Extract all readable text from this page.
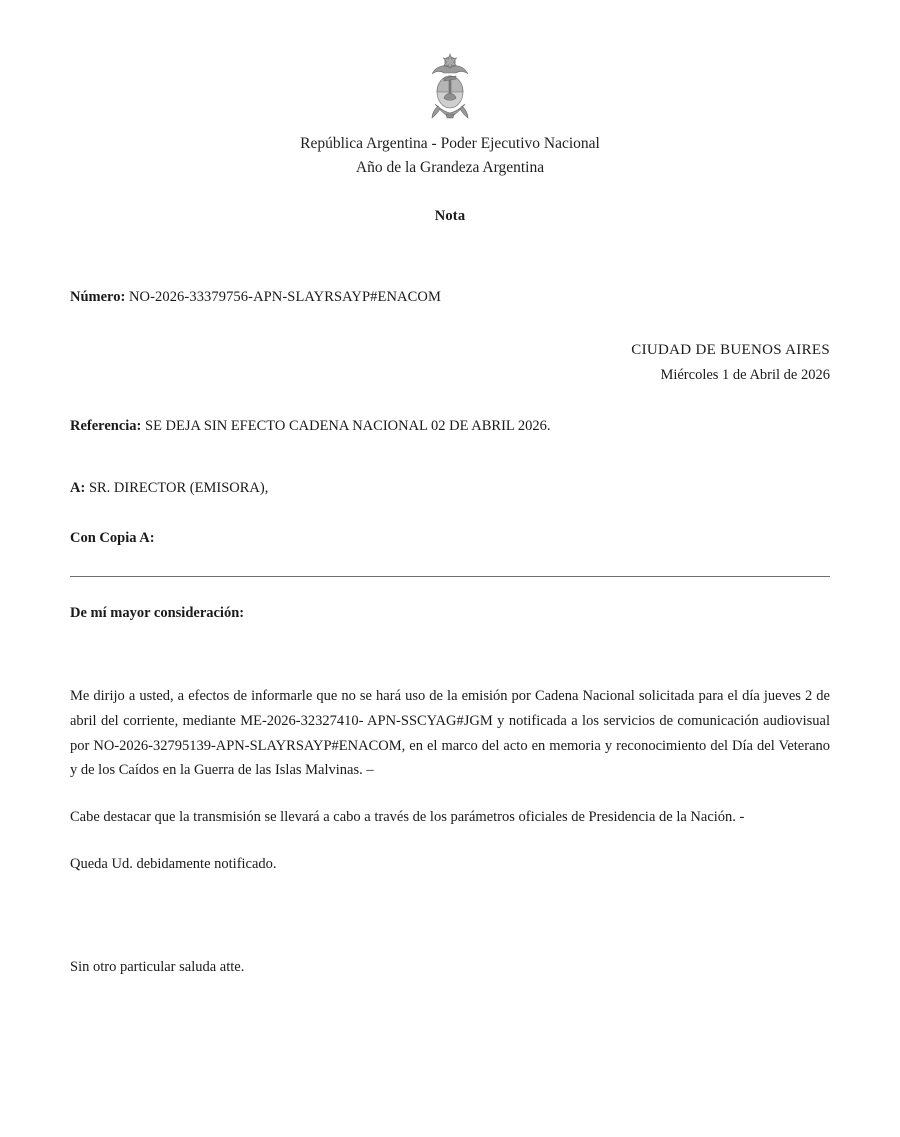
República Argentina - Poder Ejecutivo Nacional
Año de la Grandeza Argentina
Nota
Número: NO-2026-33379756-APN-SLAYRSAYP#ENACOM
CIUDAD DE BUENOS AIRES
Miércoles 1 de Abril de 2026
Referencia: SE DEJA SIN EFECTO CADENA NACIONAL 02 DE ABRIL 2026.
A: SR. DIRECTOR (EMISORA),
Con Copia A:
De mí mayor consideración:

Me dirijo a usted, a efectos de informarle que no se hará uso de la emisión por Cadena Nacional solicitada para el día jueves 2 de abril del corriente, mediante ME-2026-32327410- APN-SSCYAG#JGM y notificada a los servicios de comunicación audiovisual por NO-2026-32795139-APN-SLAYRSAYP#ENACOM, en el marco del acto en memoria y reconocimiento del Día del Veterano y de los Caídos en la Guerra de las Islas Malvinas. –

Cabe destacar que la transmisión se llevará a cabo a través de los parámetros oficiales de Presidencia de la Nación. -

Queda Ud. debidamente notificado.

Sin otro particular saluda atte.
